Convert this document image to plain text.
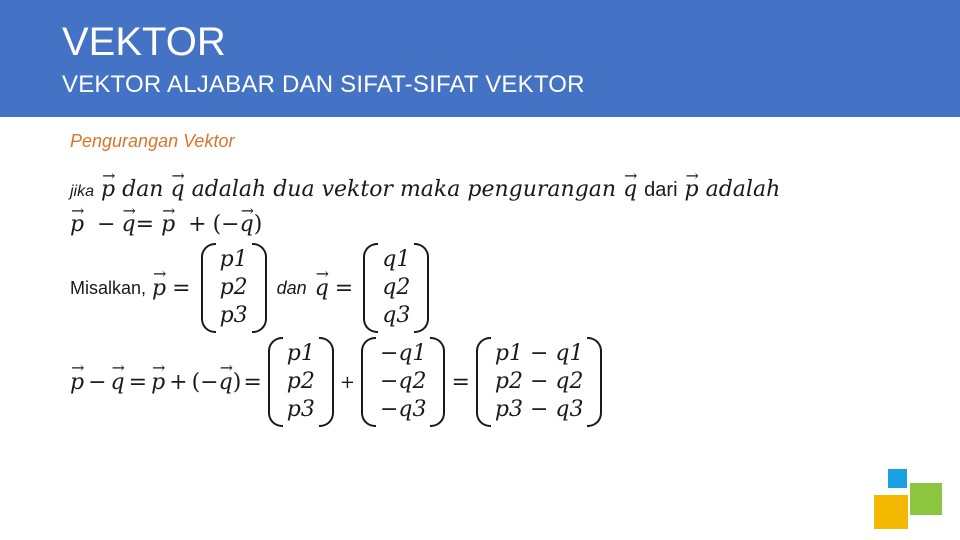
VEKTOR
VEKTOR ALJABAR DAN SIFAT-SIFAT VEKTOR
Pengurangan Vektor
jika → p dan → q adalah dua vektor maka pengurangan → q dari → p adalah
→ p − → q= → p + (−→ q)
Misalkan, → p =
p1
p2
p3
dan → q =
q1
q2
q3
→ p − → q = → p + (− → q ) =
p1
p2
p3
+
−q1
−q2
−q3
=
p1 − q1
p2 − q2
p3 − q3
